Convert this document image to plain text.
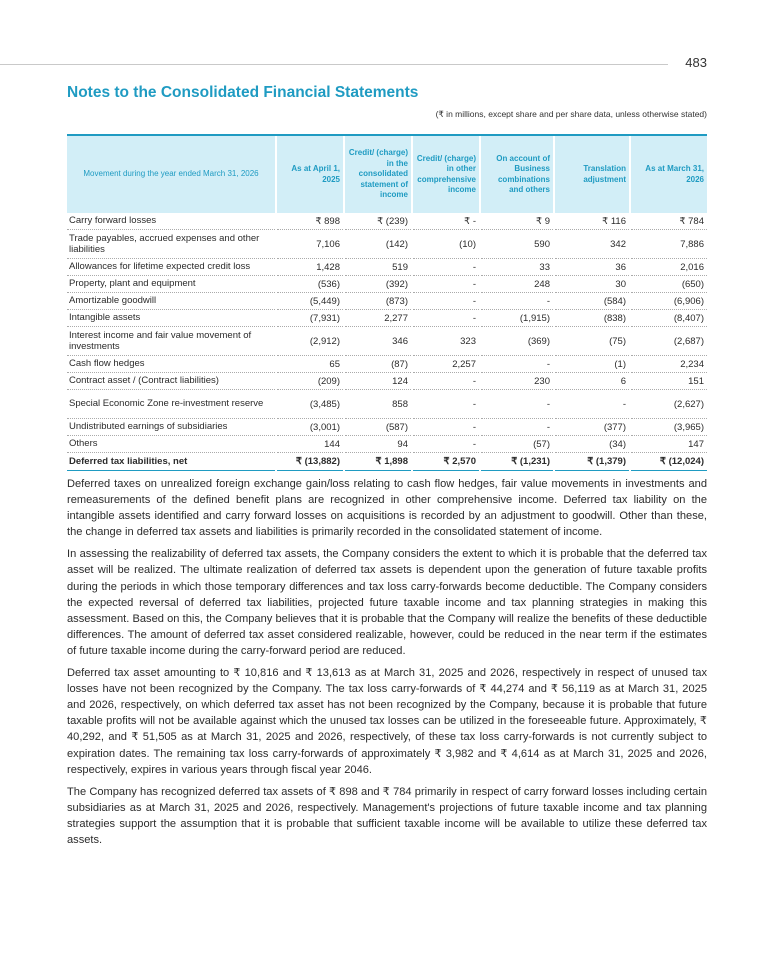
483
Notes to the Consolidated Financial Statements
(₹ in millions, except share and per share data, unless otherwise stated)
Movement during the year ended March 31, 2026		As at April 1, 2025		Credit/ (charge) in the consolidated statement of income		Credit/ (charge) in other comprehensive income		On account of Business combinations and others		Translation adjustment		As at March 31, 2026
Carry forward losses		₹ 898		₹ (239)		₹ -		₹ 9		₹ 116		₹ 784
Trade payables, accrued expenses and other liabilities		7,106		(142)		(10)		590		342		7,886
Allowances for lifetime expected credit loss		1,428		519		-		33		36		2,016
Property, plant and equipment		(536)		(392)		-		248		30		(650)
Amortizable goodwill		(5,449)		(873)		-		-		(584)		(6,906)
Intangible assets		(7,931)		2,277		-		(1,915)		(838)		(8,407)
Interest income and fair value movement of investments		(2,912)		346		323		(369)		(75)		(2,687)
Cash flow hedges		65		(87)		2,257		-		(1)		2,234
Contract asset / (Contract liabilities)		(209)		124		-		230		6		151
Special Economic Zone re-investment reserve		(3,485)		858		-		-		-		(2,627)
Undistributed earnings of subsidiaries		(3,001)		(587)		-		-		(377)		(3,965)
Others		144		94		-		(57)		(34)		147
Deferred tax liabilities, net		₹ (13,882)		₹ 1,898		₹ 2,570		₹ (1,231)		₹ (1,379)		₹ (12,024)

Deferred taxes on unrealized foreign exchange gain/loss relating to cash flow hedges, fair value movements in investments and remeasurements of the defined benefit plans are recognized in other comprehensive income. Deferred tax liability on the intangible assets identified and carry forward losses on acquisitions is recorded by an adjustment to goodwill. Other than these, the change in deferred tax assets and liabilities is primarily recorded in the consolidated statement of income.

In assessing the realizability of deferred tax assets, the Company considers the extent to which it is probable that the deferred tax asset will be realized. The ultimate realization of deferred tax assets is dependent upon the generation of future taxable profits during the periods in which those temporary differences and tax loss carry-forwards become deductible. The Company considers the expected reversal of deferred tax liabilities, projected future taxable income and tax planning strategies in making this assessment. Based on this, the Company believes that it is probable that the Company will realize the benefits of these deductible differences. The amount of deferred tax asset considered realizable, however, could be reduced in the near term if the estimates of future taxable income during the carry-forward period are reduced.

Deferred tax asset amounting to ₹ 10,816 and ₹ 13,613 as at March 31, 2025 and 2026, respectively in respect of unused tax losses have not been recognized by the Company. The tax loss carry-forwards of ₹ 44,274 and ₹ 56,119 as at March 31, 2025 and 2026, respectively, on which deferred tax asset has not been recognized by the Company, because it is probable that future taxable profits will not be available against which the unused tax losses can be utilized in the foreseeable future. Approximately, ₹ 40,292, and ₹ 51,505 as at March 31, 2025 and 2026, respectively, of these tax loss carry-forwards is not currently subject to expiration dates. The remaining tax loss carry-forwards of approximately ₹ 3,982 and ₹ 4,614 as at March 31, 2025 and 2026, respectively, expires in various years through fiscal year 2046.

The Company has recognized deferred tax assets of ₹ 898 and ₹ 784 primarily in respect of carry forward losses including certain subsidiaries as at March 31, 2025 and 2026, respectively. Management's projections of future taxable income and tax planning strategies support the assumption that it is probable that sufficient taxable income will be available to utilize these deferred tax assets.
